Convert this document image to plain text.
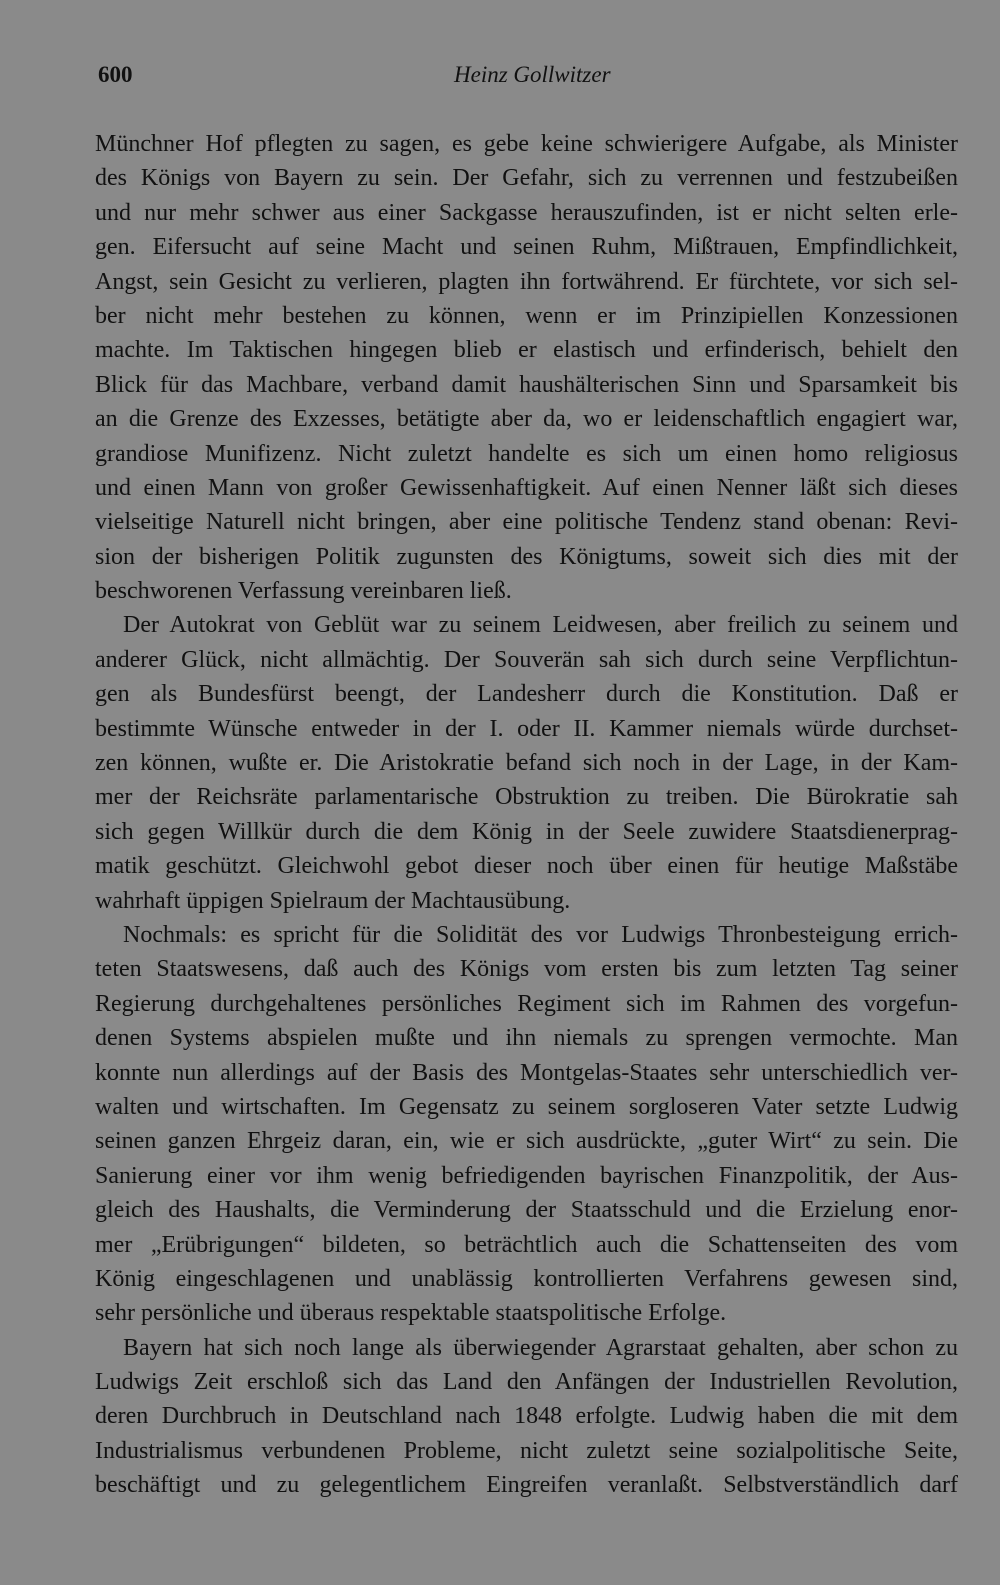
600	Heinz Gollwitzer
Münchner Hof pflegten zu sagen, es gebe keine schwierigere Aufgabe, als Minister
des Königs von Bayern zu sein. Der Gefahr, sich zu verrennen und festzubeißen
und nur mehr schwer aus einer Sackgasse herauszufinden, ist er nicht selten erle-
gen. Eifersucht auf seine Macht und seinen Ruhm, Mißtrauen, Empfindlichkeit,
Angst, sein Gesicht zu verlieren, plagten ihn fortwährend. Er fürchtete, vor sich sel-
ber nicht mehr bestehen zu können, wenn er im Prinzipiellen Konzessionen
machte. Im Taktischen hingegen blieb er elastisch und erfinderisch, behielt den
Blick für das Machbare, verband damit haushälterischen Sinn und Sparsamkeit bis
an die Grenze des Exzesses, betätigte aber da, wo er leidenschaftlich engagiert war,
grandiose Munifizenz. Nicht zuletzt handelte es sich um einen homo religiosus
und einen Mann von großer Gewissenhaftigkeit. Auf einen Nenner läßt sich dieses
vielseitige Naturell nicht bringen, aber eine politische Tendenz stand obenan: Revi-
sion der bisherigen Politik zugunsten des Königtums, soweit sich dies mit der
beschworenen Verfassung vereinbaren ließ.
Der Autokrat von Geblüt war zu seinem Leidwesen, aber freilich zu seinem und
anderer Glück, nicht allmächtig. Der Souverän sah sich durch seine Verpflichtun-
gen als Bundesfürst beengt, der Landesherr durch die Konstitution. Daß er
bestimmte Wünsche entweder in der I. oder II. Kammer niemals würde durchset-
zen können, wußte er. Die Aristokratie befand sich noch in der Lage, in der Kam-
mer der Reichsräte parlamentarische Obstruktion zu treiben. Die Bürokratie sah
sich gegen Willkür durch die dem König in der Seele zuwidere Staatsdienerprag-
matik geschützt. Gleichwohl gebot dieser noch über einen für heutige Maßstäbe
wahrhaft üppigen Spielraum der Machtausübung.
Nochmals: es spricht für die Solidität des vor Ludwigs Thronbesteigung errich-
teten Staatswesens, daß auch des Königs vom ersten bis zum letzten Tag seiner
Regierung durchgehaltenes persönliches Regiment sich im Rahmen des vorgefun-
denen Systems abspielen mußte und ihn niemals zu sprengen vermochte. Man
konnte nun allerdings auf der Basis des Montgelas-Staates sehr unterschiedlich ver-
walten und wirtschaften. Im Gegensatz zu seinem sorgloseren Vater setzte Ludwig
seinen ganzen Ehrgeiz daran, ein, wie er sich ausdrückte, „guter Wirt“ zu sein. Die
Sanierung einer vor ihm wenig befriedigenden bayrischen Finanzpolitik, der Aus-
gleich des Haushalts, die Verminderung der Staatsschuld und die Erzielung enor-
mer „Erübrigungen“ bildeten, so beträchtlich auch die Schattenseiten des vom
König eingeschlagenen und unablässig kontrollierten Verfahrens gewesen sind,
sehr persönliche und überaus respektable staatspolitische Erfolge.
Bayern hat sich noch lange als überwiegender Agrarstaat gehalten, aber schon zu
Ludwigs Zeit erschloß sich das Land den Anfängen der Industriellen Revolution,
deren Durchbruch in Deutschland nach 1848 erfolgte. Ludwig haben die mit dem
Industrialismus verbundenen Probleme, nicht zuletzt seine sozialpolitische Seite,
beschäftigt und zu gelegentlichem Eingreifen veranlaßt. Selbstverständlich darf
